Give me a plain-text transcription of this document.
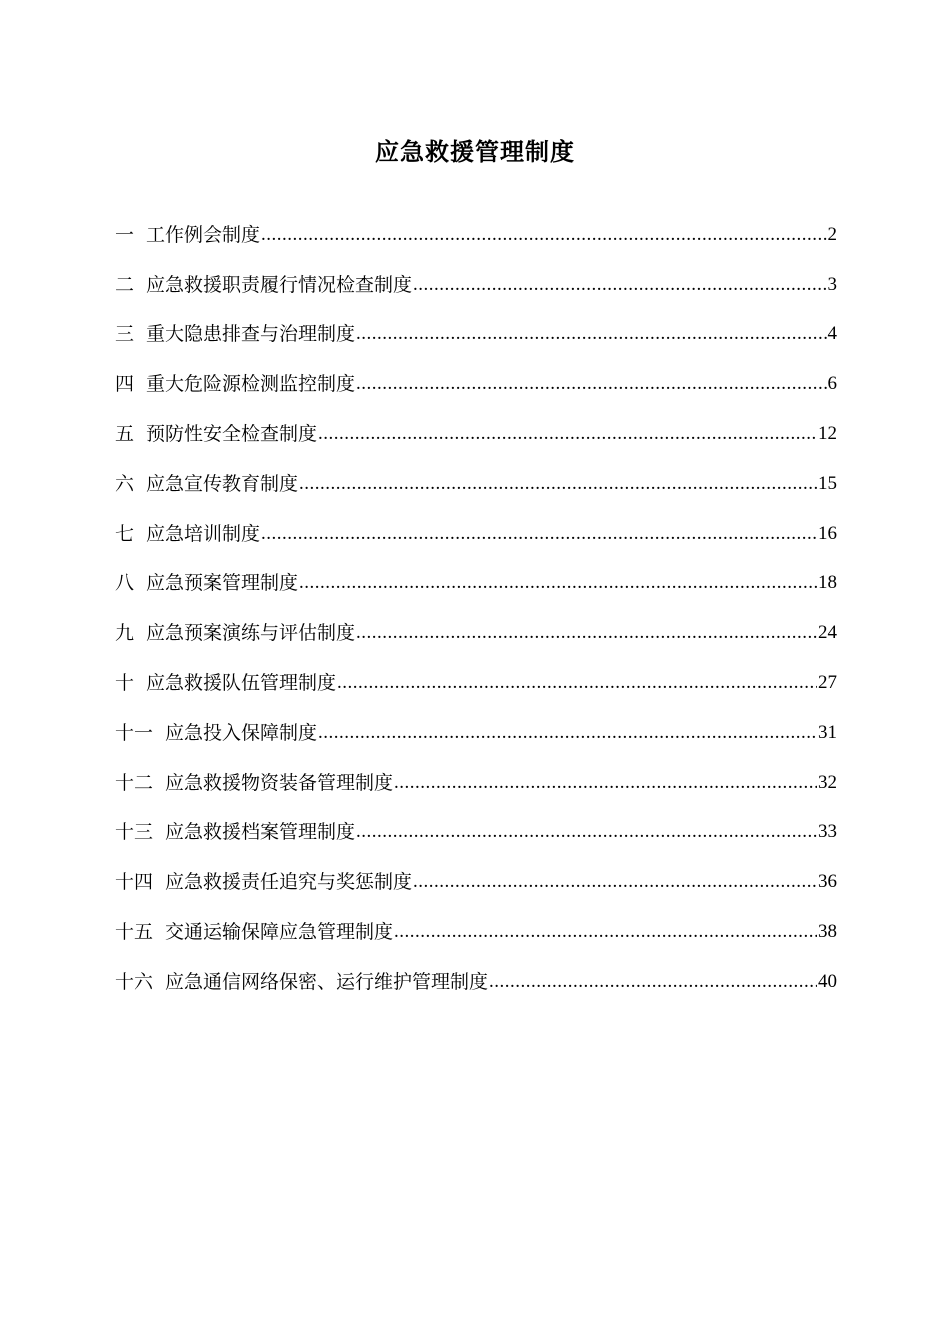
应急救援管理制度
一 工作例会制度 .....	2
二 应急救援职责履行情况检查制度 .....	3
三 重大隐患排查与治理制度 .....	4
四 重大危险源检测监控制度 .....	6
五 预防性安全检查制度 .....	12
六 应急宣传教育制度 .....	15
七 应急培训制度 .....	16
八 应急预案管理制度 .....	18
九 应急预案演练与评估制度 .....	24
十 应急救援队伍管理制度 .....	27
十一 应急投入保障制度 .....	31
十二 应急救援物资装备管理制度 .....	32
十三 应急救援档案管理制度 .....	33
十四 应急救援责任追究与奖惩制度 .....	36
十五 交通运输保障应急管理制度 .....	38
十六 应急通信网络保密、运行维护管理制度 .....	40
